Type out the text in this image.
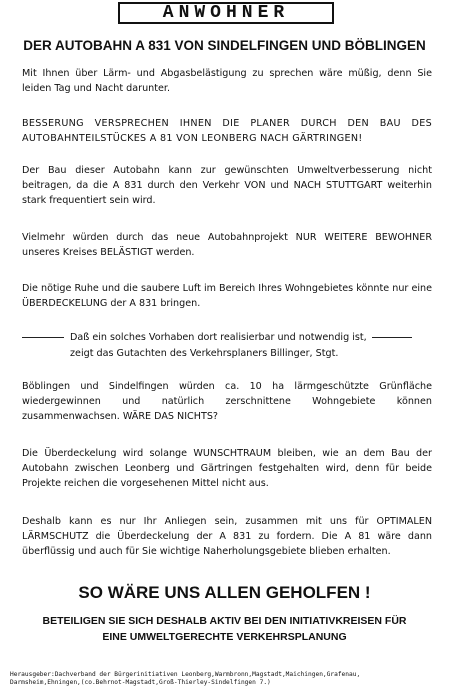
ANWOHNER
DER AUTOBAHN A 831 VON SINDELFINGEN UND BÖBLINGEN
Mit Ihnen über Lärm- und Abgasbelästigung zu sprechen wäre müßig, denn Sie leiden Tag und Nacht darunter.
BESSERUNG VERSPRECHEN IHNEN DIE PLANER DURCH DEN BAU DES AUTOBAHNTEILSTÜCKES A 81 VON LEONBERG NACH GÄRTRINGEN!
Der Bau dieser Autobahn kann zur gewünschten Umweltverbesserung nicht beitragen, da die A 831 durch den Verkehr VON und NACH STUTTGART weiterhin stark frequentiert sein wird.
Vielmehr würden durch das neue Autobahnprojekt NUR WEITERE BEWOHNER unseres Kreises BELÄSTIGT werden.
Die nötige Ruhe und die saubere Luft im Bereich Ihres Wohngebietes könnte nur eine ÜBERDECKELUNG der A 831 bringen.
Daß ein solches Vorhaben dort realisierbar und notwendig ist,
zeigt das Gutachten des Verkehrsplaners Billinger, Stgt.
Böblingen und Sindelfingen würden ca. 10 ha lärmgeschützte Grünfläche wiedergewinnen und natürlich zerschnittene Wohngebiete können zusammenwachsen. WÄRE DAS NICHTS?
Die Überdeckelung wird solange WUNSCHTRAUM bleiben, wie an dem Bau der Autobahn zwischen Leonberg und Gärtringen festgehalten wird, denn für beide Projekte reichen die vorgesehenen Mittel nicht aus.
Deshalb kann es nur Ihr Anliegen sein, zusammen mit uns für OPTIMALEN LÄRMSCHUTZ die Überdeckelung der A 831 zu fordern. Die A 81 wäre dann überflüssig und auch für Sie wichtige Naherholungsgebiete blieben erhalten.
SO WÄRE UNS ALLEN GEHOLFEN !
BETEILIGEN SIE SICH DESHALB AKTIV BEI DEN INITIATIVKREISEN FÜR
EINE UMWELTGERECHTE VERKEHRSPLANUNG
Herausgeber:Dachverband der Bürgerinitiativen Leonberg,Warmbronn,Magstadt,Maichingen,Grafenau,
Darmsheim,Ehningen,(co.Behrnot-Magstadt,Groß-Thierley-Sindelfingen 7.)
